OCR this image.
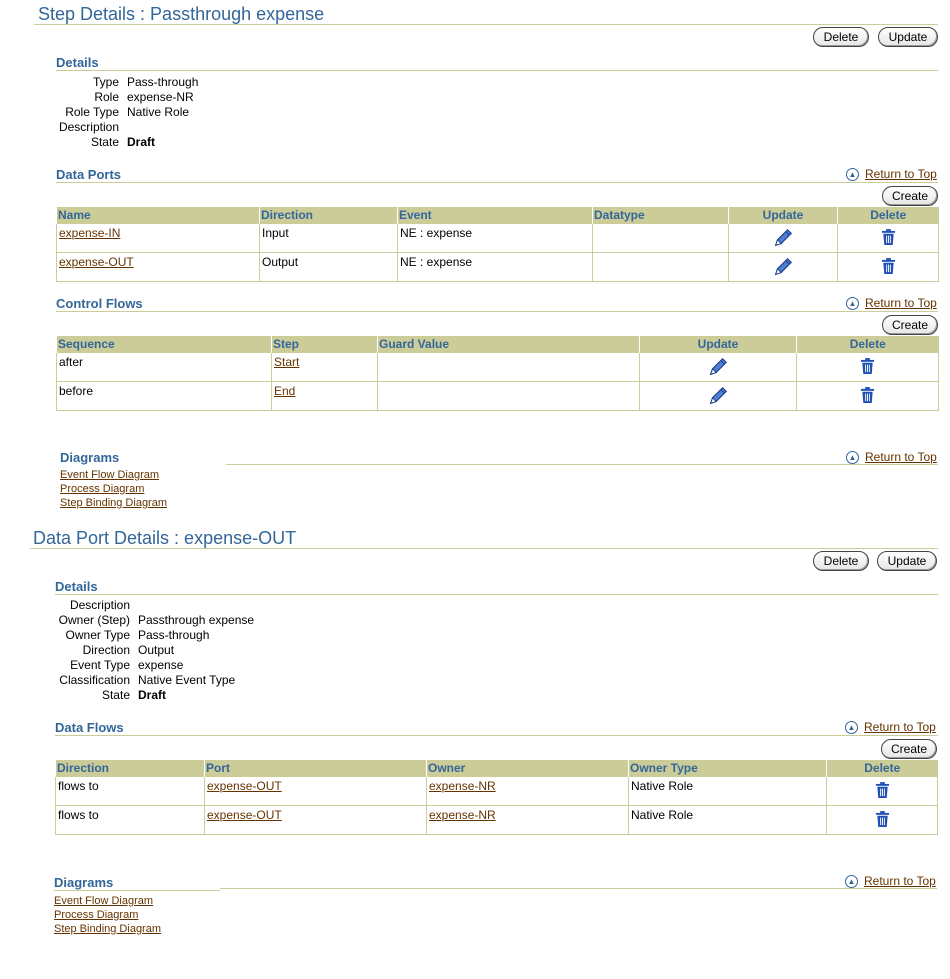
Step Details : Passthrough expense
Delete	Update
Details
Type Pass-through
Role expense-NR
Role Type Native Role
Description
State Draft
Data Ports	▲ Return to Top
Create
Name	Direction	Event	Datatype	Update	Delete
expense-IN	Input	NE : expense			
expense-OUT	Output	NE : expense			
Control Flows	▲ Return to Top
Create
Sequence	Step	Guard Value	Update	Delete
after	Start			
before	End			
Diagrams	▲ Return to Top
Event Flow Diagram
Process Diagram
Step Binding Diagram
Data Port Details : expense-OUT
Delete	Update
Details
Description
Owner (Step) Passthrough expense
Owner Type Pass-through
Direction Output
Event Type expense
Classification Native Event Type
State Draft
Data Flows	▲ Return to Top
Create
Direction	Port	Owner	Owner Type	Delete
flows to	expense-OUT	expense-NR	Native Role	
flows to	expense-OUT	expense-NR	Native Role	
Diagrams	▲ Return to Top
Event Flow Diagram
Process Diagram
Step Binding Diagram
